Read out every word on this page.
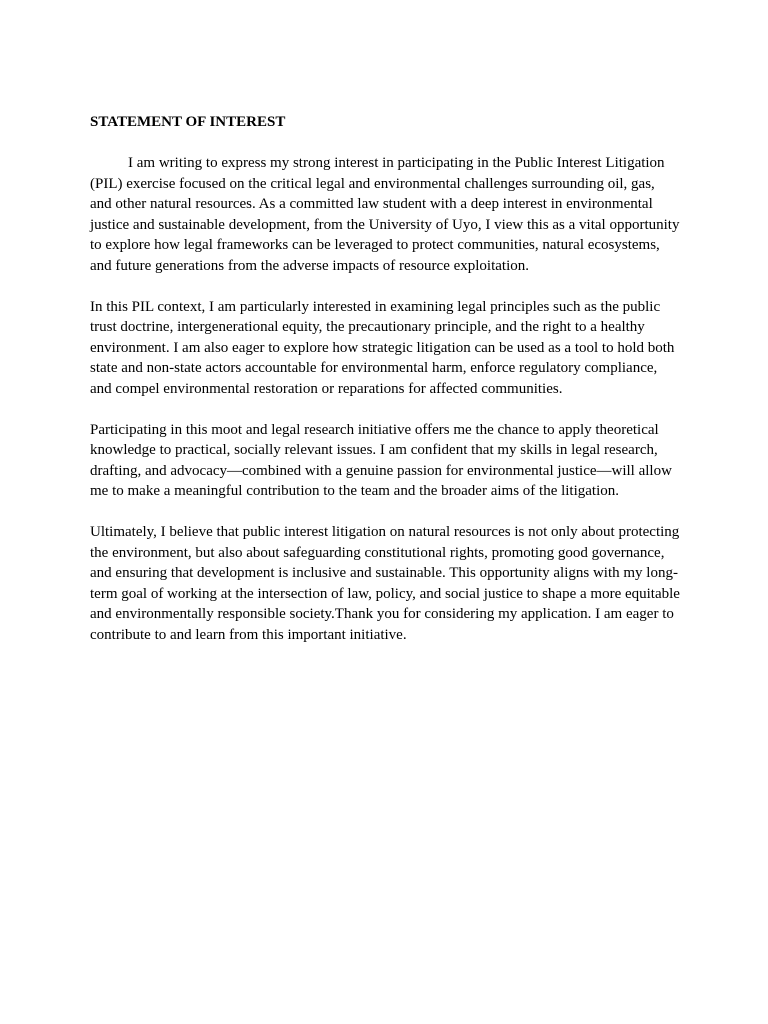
STATEMENT OF INTEREST

I am writing to express my strong interest in participating in the Public Interest Litigation (PIL) exercise focused on the critical legal and environmental challenges surrounding oil, gas, and other natural resources. As a committed law student with a deep interest in environmental justice and sustainable development, from the University of Uyo, I view this as a vital opportunity to explore how legal frameworks can be leveraged to protect communities, natural ecosystems, and future generations from the adverse impacts of resource exploitation.

In this PIL context, I am particularly interested in examining legal principles such as the public trust doctrine, intergenerational equity, the precautionary principle, and the right to a healthy environment. I am also eager to explore how strategic litigation can be used as a tool to hold both state and non-state actors accountable for environmental harm, enforce regulatory compliance, and compel environmental restoration or reparations for affected communities.

Participating in this moot and legal research initiative offers me the chance to apply theoretical knowledge to practical, socially relevant issues. I am confident that my skills in legal research, drafting, and advocacy—combined with a genuine passion for environmental justice—will allow me to make a meaningful contribution to the team and the broader aims of the litigation.

Ultimately, I believe that public interest litigation on natural resources is not only about protecting the environment, but also about safeguarding constitutional rights, promoting good governance, and ensuring that development is inclusive and sustainable. This opportunity aligns with my long-term goal of working at the intersection of law, policy, and social justice to shape a more equitable and environmentally responsible society.Thank you for considering my application. I am eager to contribute to and learn from this important initiative.
